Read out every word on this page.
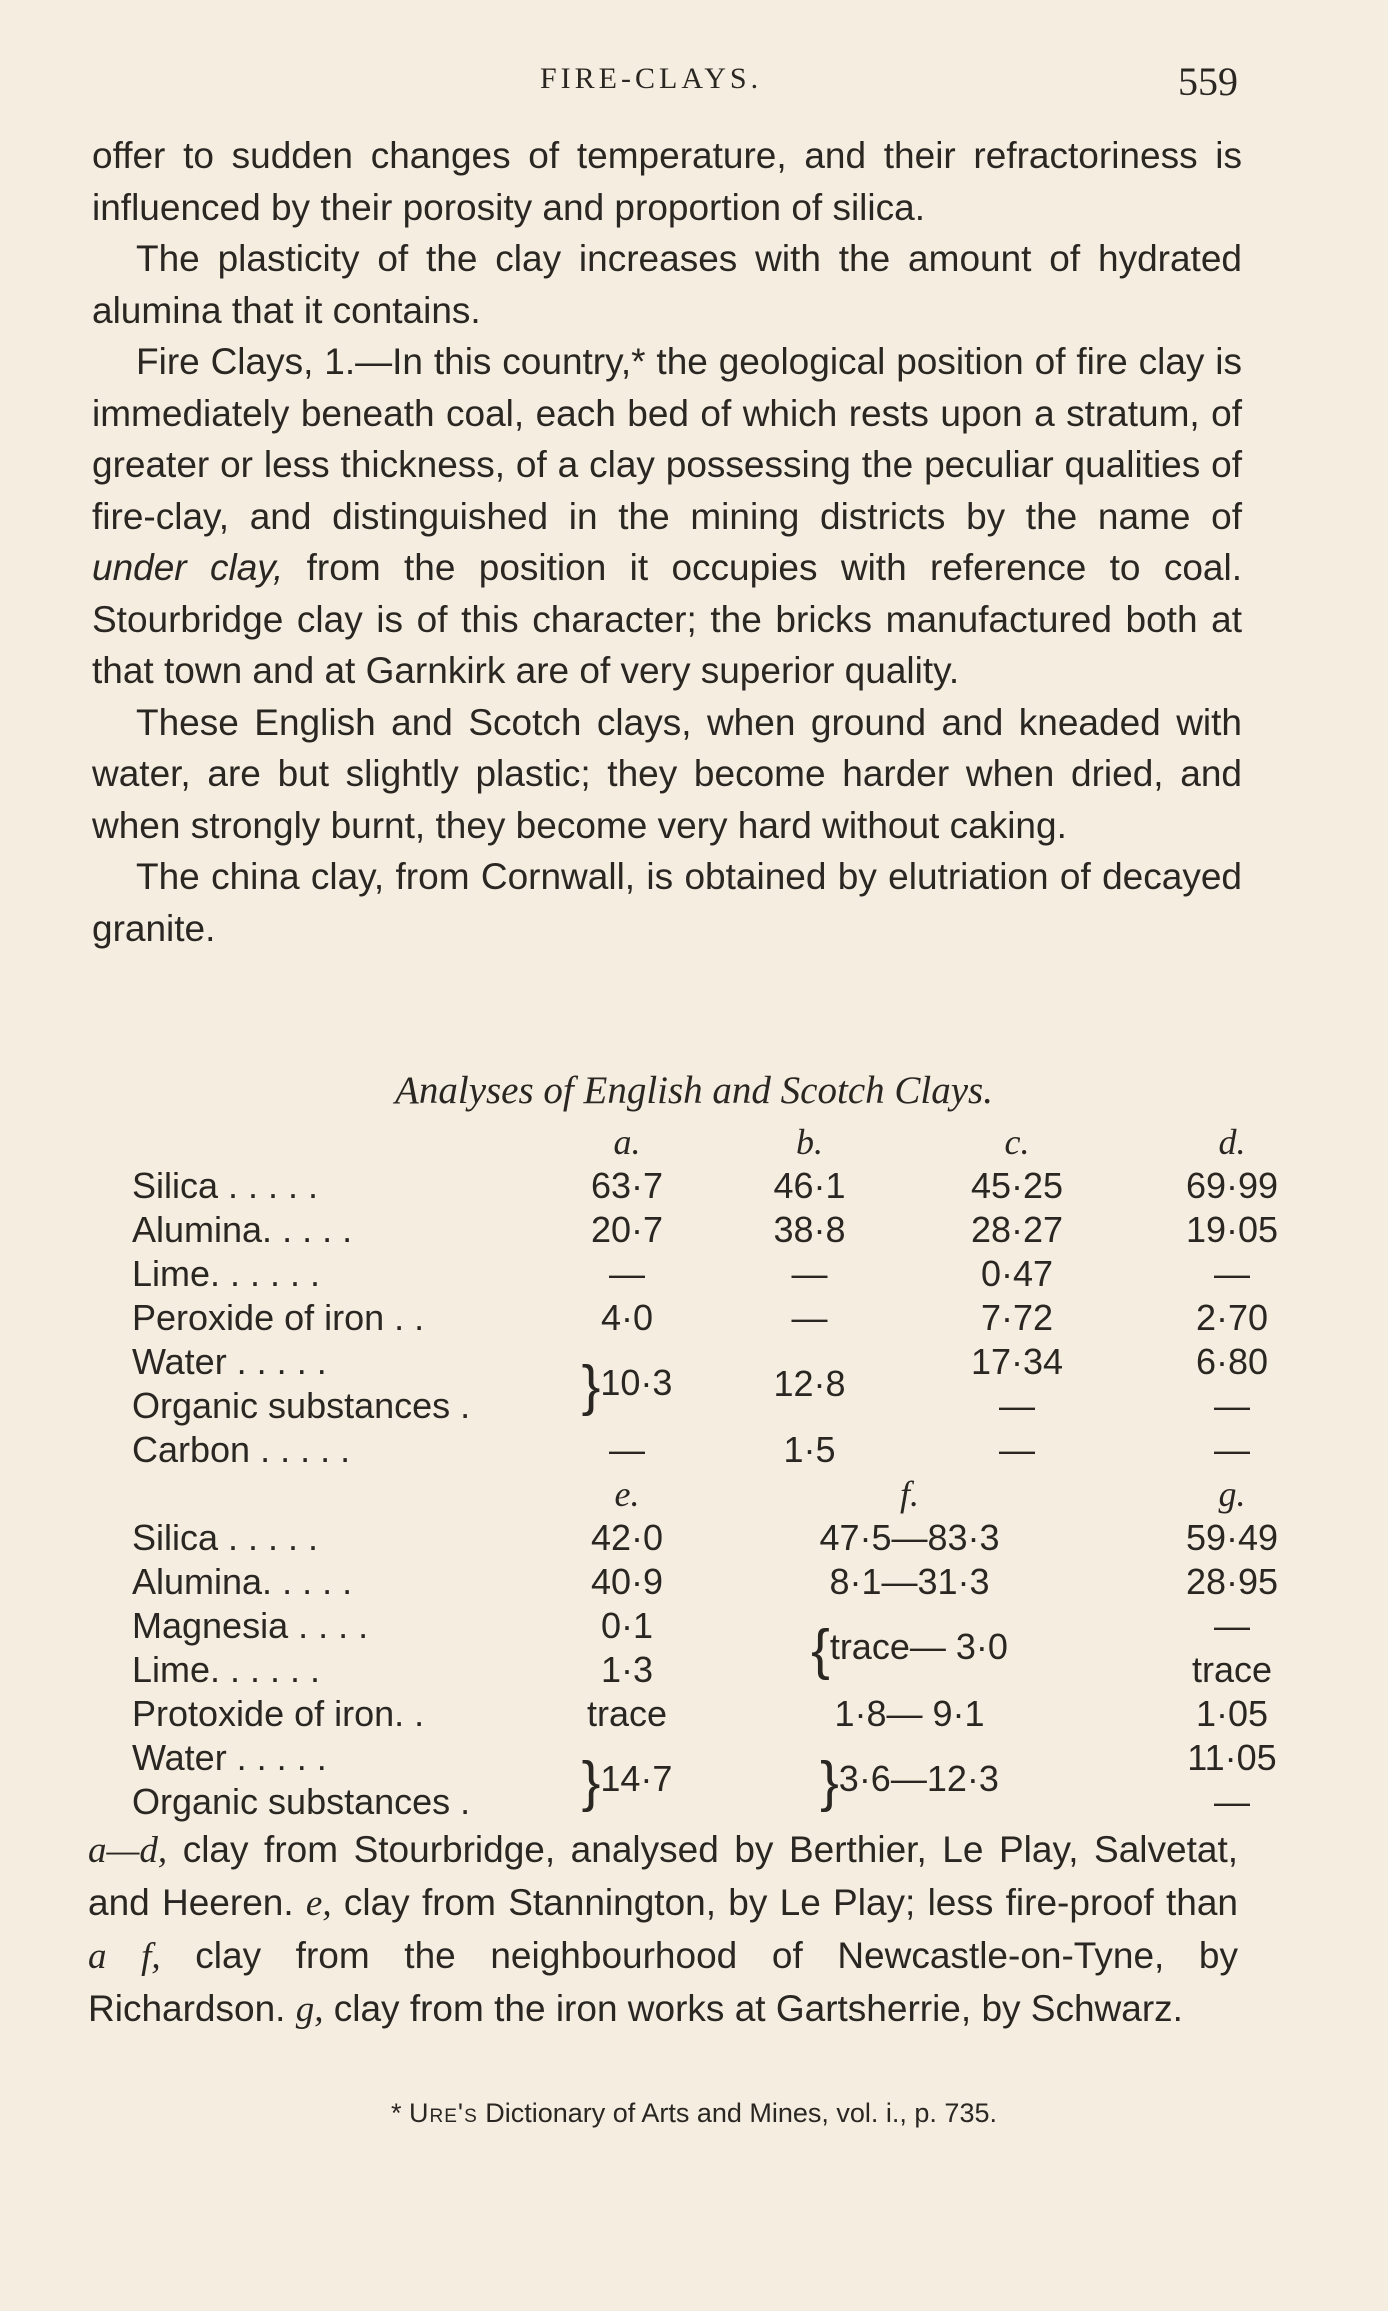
FIRE-CLAYS.	559

offer to sudden changes of temperature, and their refractoriness is influenced by their porosity and proportion of silica.

The plasticity of the clay increases with the amount of hydrated alumina that it contains.

Fire Clays, 1.—In this country,* the geological position of fire clay is immediately beneath coal, each bed of which rests upon a stratum, of greater or less thickness, of a clay possessing the peculiar qualities of fire-clay, and distinguished in the mining districts by the name of under clay, from the position it occupies with reference to coal. Stourbridge clay is of this character; the bricks manufactured both at that town and at Garnkirk are of very superior quality.

These English and Scotch clays, when ground and kneaded with water, are but slightly plastic; they become harder when dried, and when strongly burnt, they become very hard without caking.

The china clay, from Cornwall, is obtained by elutriation of decayed granite.

Analyses of English and Scotch Clays.
	a.	b.	c.	d.
Silica . . . . .	63·7	46·1	45·25	69·99
Alumina. . . . .	20·7	38·8	28·27	19·05
Lime. . . . . .	—	—	0·47	—
Peroxide of iron . .	4·0	—	7·72	2·70
Water . . . . .	}10·3	12·8	17·34	6·80
Organic substances .			—	—
Carbon . . . . .	—	1·5	—	—
	e.	f.	g.
Silica . . . . .	42·0	47·5—83·3	59·49
Alumina. . . . .	40·9	8·1—31·3	28·95
Magnesia . . . .	0·1	{trace— 3·0	—
Lime. . . . . .	1·3		trace
Protoxide of iron. .	trace	1·8— 9·1	1·05
Water . . . . .	}14·7	}3·6—12·3	11·05
Organic substances .			—
a—d, clay from Stourbridge, analysed by Berthier, Le Play, Salvetat, and Heeren. e, clay from Stannington, by Le Play; less fire-proof than a f, clay from the neighbourhood of Newcastle-on-Tyne, by Richardson. g, clay from the iron works at Gartsherrie, by Schwarz.
* Ure's Dictionary of Arts and Mines, vol. i., p. 735.
